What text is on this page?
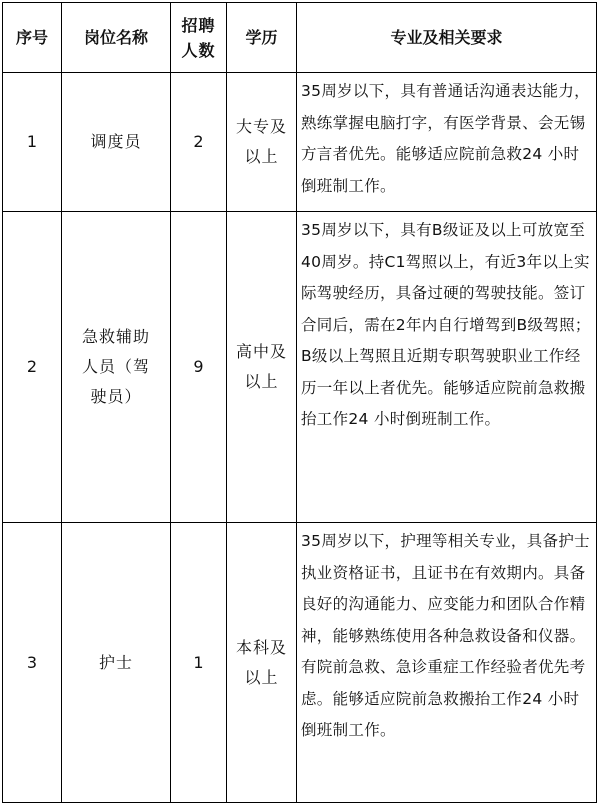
序号	岗位名称	招聘人数	学历	专业及相关要求
1	调度员	2	大专及以上	35周岁以下，具有普通话沟通表达能力，熟练掌握电脑打字，有医学背景、会无锡方言者优先。能够适应院前急救24 小时倒班制工作。
2	急救辅助人员（驾驶员）	9	高中及以上	35周岁以下，具有B级证及以上可放宽至40周岁。持C1驾照以上，有近3年以上实际驾驶经历，具备过硬的驾驶技能。签订合同后，需在2年内自行增驾到B级驾照；B级以上驾照且近期专职驾驶职业工作经历一年以上者优先。能够适应院前急救搬抬工作24 小时倒班制工作。
3	护士	1	本科及以上	35周岁以下，护理等相关专业，具备护士执业资格证书，且证书在有效期内。具备良好的沟通能力、应变能力和团队合作精神，能够熟练使用各种急救设备和仪器。有院前急救、急诊重症工作经验者优先考虑。能够适应院前急救搬抬工作24 小时倒班制工作。
